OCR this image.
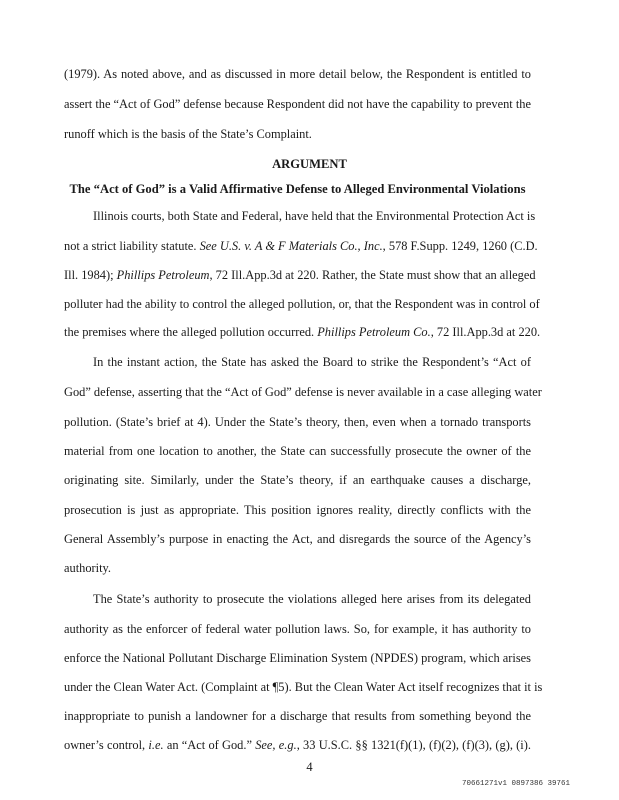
(1979). As noted above, and as discussed in more detail below, the Respondent is entitled to
assert the “Act of God” defense because Respondent did not have the capability to prevent the
runoff which is the basis of the State’s Complaint.
ARGUMENT
The “Act of God” is a Valid Affirmative Defense to Alleged Environmental Violations
Illinois courts, both State and Federal, have held that the Environmental Protection Act is
not a strict liability statute. See U.S. v. A & F Materials Co., Inc., 578 F.Supp. 1249, 1260 (C.D.
Ill. 1984); Phillips Petroleum, 72 Ill.App.3d at 220. Rather, the State must show that an alleged
polluter had the ability to control the alleged pollution, or, that the Respondent was in control of
the premises where the alleged pollution occurred. Phillips Petroleum Co., 72 Ill.App.3d at 220.
In the instant action, the State has asked the Board to strike the Respondent’s “Act of
God” defense, asserting that the “Act of God” defense is never available in a case alleging water
pollution. (State’s brief at 4). Under the State’s theory, then, even when a tornado transports
material from one location to another, the State can successfully prosecute the owner of the
originating site. Similarly, under the State’s theory, if an earthquake causes a discharge,
prosecution is just as appropriate. This position ignores reality, directly conflicts with the
General Assembly’s purpose in enacting the Act, and disregards the source of the Agency’s
authority.
The State’s authority to prosecute the violations alleged here arises from its delegated
authority as the enforcer of federal water pollution laws. So, for example, it has authority to
enforce the National Pollutant Discharge Elimination System (NPDES) program, which arises
under the Clean Water Act. (Complaint at ¶5). But the Clean Water Act itself recognizes that it is
inappropriate to punish a landowner for a discharge that results from something beyond the
owner’s control, i.e. an “Act of God.” See, e.g., 33 U.S.C. §§ 1321(f)(1), (f)(2), (f)(3), (g), (i).
4
70661271v1 0897386 39761
